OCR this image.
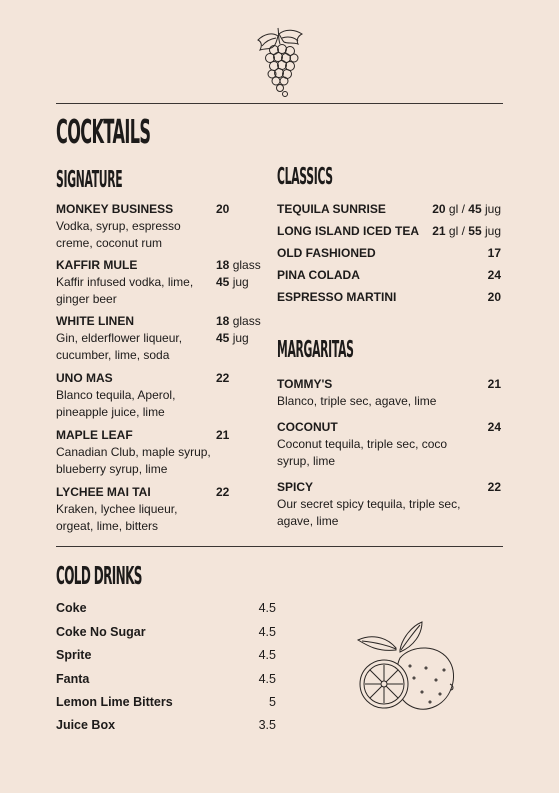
COCKTAILS
SIGNATURE	CLASSICS
MARGARITAS
MONKEY BUSINESS
Vodka, syrup, espresso creme, coconut rum
20
KAFFIR MULE
Kaffir infused vodka, lime, ginger beer
18 glass
45 jug
WHITE LINEN
Gin, elderflower liqueur, cucumber, lime, soda
18 glass
45 jug
UNO MAS
Blanco tequila, Aperol, pineapple juice, lime
22
MAPLE LEAF
Canadian Club, maple syrup, blueberry syrup, lime
21
LYCHEE MAI TAI
Kraken, lychee liqueur, orgeat, lime, bitters
22
TEQUILA SUNRISE	20 gl / 45 jug
LONG ISLAND ICED TEA 21 gl / 55 jug
OLD FASHIONED	17
PINA COLADA	24
ESPRESSO MARTINI	20
TOMMY'S	21
Blanco, triple sec, agave, lime
COCONUT	24
Coconut tequila, triple sec, coco syrup, lime
SPICY	22
Our secret spicy tequila, triple sec, agave, lime
COLD DRINKS
Coke	4.5
Coke No Sugar	4.5
Sprite	4.5
Fanta	4.5
Lemon Lime Bitters	5
Juice Box	3.5
